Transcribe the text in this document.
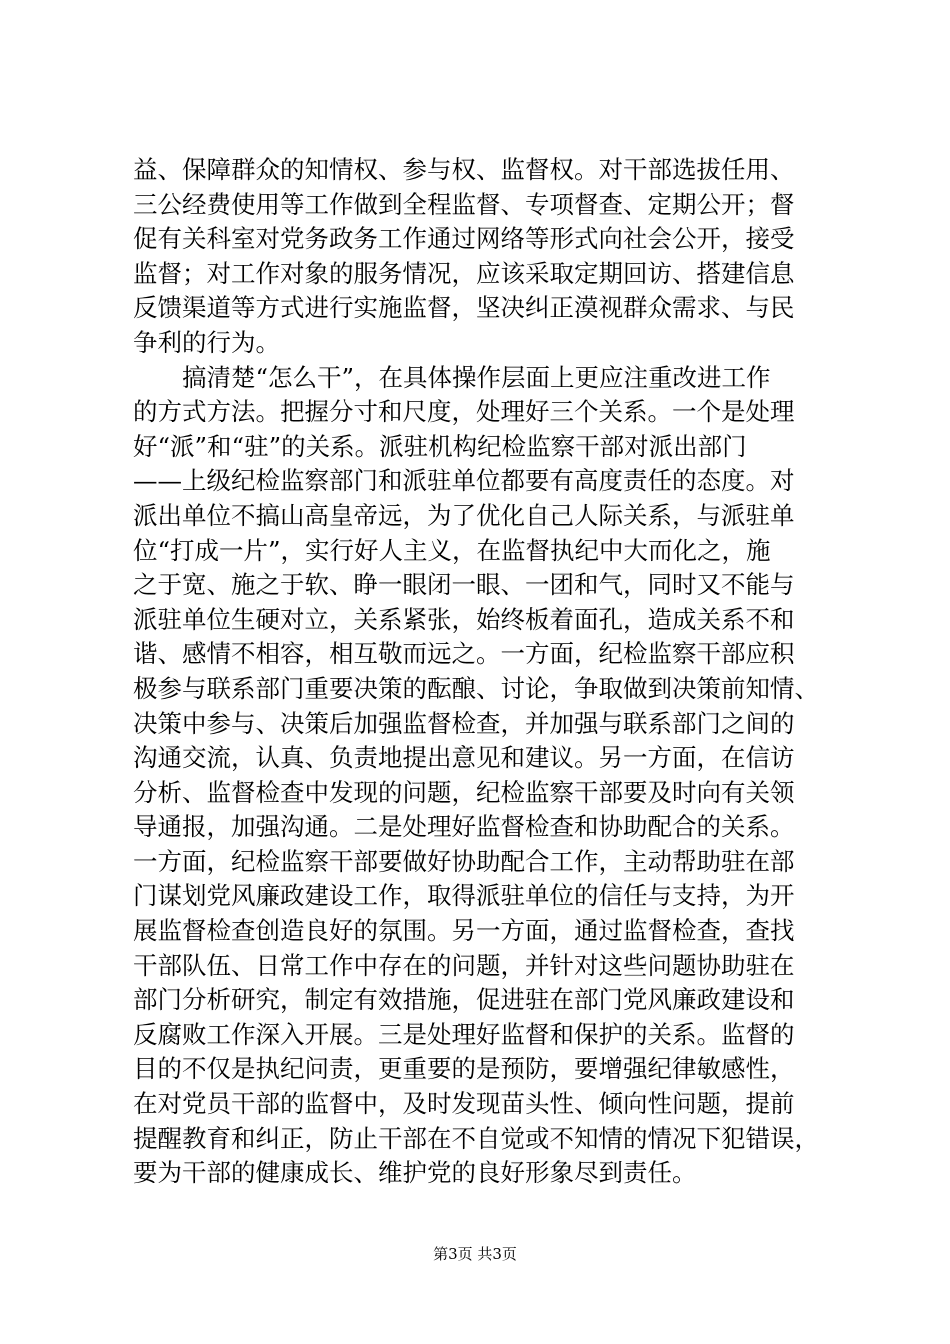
益、保障群众的知情权、参与权、监督权。对干部选拔任用、
三公经费使用等工作做到全程监督、专项督查、定期公开；督
促有关科室对党务政务工作通过网络等形式向社会公开，接受
监督；对工作对象的服务情况，应该采取定期回访、搭建信息
反馈渠道等方式进行实施监督，坚决纠正漠视群众需求、与民
争利的行为。
　　搞清楚“怎么干”，在具体操作层面上更应注重改进工作
的方式方法。把握分寸和尺度，处理好三个关系。一个是处理
好“派”和“驻”的关系。派驻机构纪检监察干部对派出部门
——上级纪检监察部门和派驻单位都要有高度责任的态度。对
派出单位不搞山高皇帝远，为了优化自己人际关系，与派驻单
位“打成一片”，实行好人主义，在监督执纪中大而化之，施
之于宽、施之于软、睁一眼闭一眼、一团和气，同时又不能与
派驻单位生硬对立，关系紧张，始终板着面孔，造成关系不和
谐、感情不相容，相互敬而远之。一方面，纪检监察干部应积
极参与联系部门重要决策的酝酿、讨论，争取做到决策前知情、
决策中参与、决策后加强监督检查，并加强与联系部门之间的
沟通交流，认真、负责地提出意见和建议。另一方面，在信访
分析、监督检查中发现的问题，纪检监察干部要及时向有关领
导通报，加强沟通。二是处理好监督检查和协助配合的关系。
一方面，纪检监察干部要做好协助配合工作，主动帮助驻在部
门谋划党风廉政建设工作，取得派驻单位的信任与支持，为开
展监督检查创造良好的氛围。另一方面，通过监督检查，查找
干部队伍、日常工作中存在的问题，并针对这些问题协助驻在
部门分析研究，制定有效措施，促进驻在部门党风廉政建设和
反腐败工作深入开展。三是处理好监督和保护的关系。监督的
目的不仅是执纪问责，更重要的是预防，要增强纪律敏感性，
在对党员干部的监督中，及时发现苗头性、倾向性问题，提前
提醒教育和纠正，防止干部在不自觉或不知情的情况下犯错误，
要为干部的健康成长、维护党的良好形象尽到责任。
第3页 共3页
